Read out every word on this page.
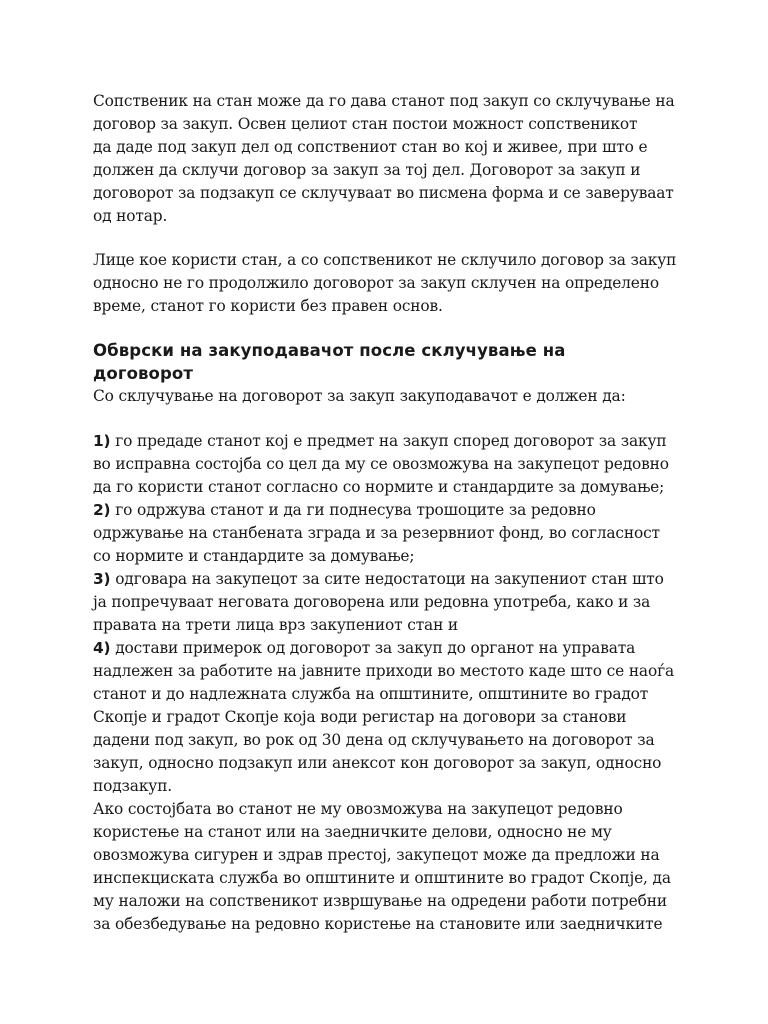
Сопственик на стан може да го дава станот под закуп со склучување на
договор за закуп. Освен целиот стан постои можност сопственикот
да даде под закуп дел од сопствениот стан во кој и живее, при што е
должен да склучи договор за закуп за тој дел. Договорот за закуп и
договорот за подзакуп се склучуваат во писмена форма и се заверуваат
од нотар.
Лице кое користи стан, а со сопственикот не склучило договор за закуп
односно не го продолжило договорот за закуп склучен на определено
време, станот го користи без правен основ.
Обврски на закуподавачот после склучување на
договорот
Со склучување на договорот за закуп закуподавачот е должен да:
1) го предаде станот кој е предмет на закуп според договорот за закуп
во исправна состојба со цел да му се овозможува на закупецот редовно
да го користи станот согласно со нормите и стандардите за домување;
2) го одржува станот и да ги поднесува трошоците за редовно
одржување на станбената зграда и за резервниот фонд, во согласност
со нормите и стандардите за домување;
3) одговара на закупецот за сите недостатоци на закупениот стан што
ја попречуваат неговата договорена или редовна употреба, како и за
правата на трети лица врз закупениот стан и
4) достави примерок од договорот за закуп до органот на управата
надлежен за работите на јавните приходи во местото каде што се наоѓа
станот и до надлежната служба на општините, општините во градот
Скопје и градот Скопје која води регистар на договори за станови
дадени под закуп, во рок од 30 дена од склучувањето на договорот за
закуп, односно подзакуп или анексот кон договорот за закуп, односно
подзакуп.
Ако состојбата во станот не му овозможува на закупецот редовно
користење на станот или на заедничките делови, односно не му
овозможува сигурен и здрав престој, закупецот може да предложи на
инспекциската служба во општините и општините во градот Скопје, да
му наложи на сопственикот извршување на одредени работи потребни
за обезбедување на редовно користење на становите или заедничките
